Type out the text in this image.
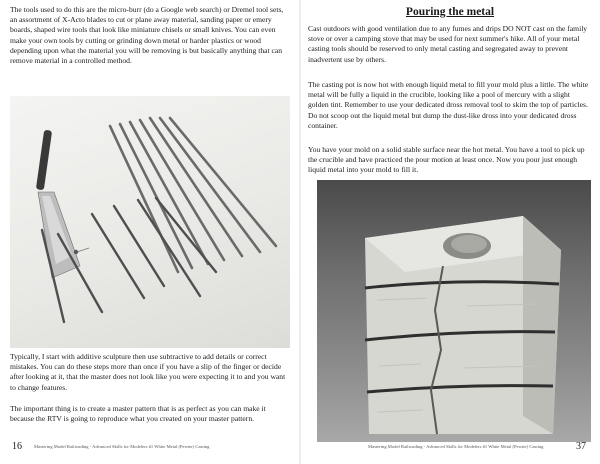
The tools used to do this are the micro-burr (do a Google web search) or Dremel tool sets, an assortment of X-Acto blades to cut or plane away material, sanding paper or emery boards, shaped wire tools that look like miniature chisels or small knives. You can even make your own tools by cutting or grinding down metal or harder plastics or wood depending upon what the material you will be removing is but basically anything that can remove material in a controlled method.

Typically, I start with additive sculpture then use subtractive to add details or correct mistakes. You can do these steps more than once if you have a slip of the finger or decide after looking at it, that the master does not look like you were expecting it to and you want to change features.

The important thing is to create a master pattern that is as perfect as you can make it because the RTV is going to reproduce what you created on your master pattern.

16	Mastering Model Railroading - Advanced Skills for Modelers #1 White Metal (Pewter) Casting
Pouring the metal

Cast outdoors with good ventilation due to any fumes and drips DO NOT cast on the family stove or over a camping stove that may be used for next summer's hike. All of your metal casting tools should be reserved to only metal casting and segregated away to prevent inadvertent use by others.

The casting pot is now hot with enough liquid metal to fill your mold plus a little. The white metal will be fully a liquid in the crucible, looking like a pool of mercury with a slight golden tint. Remember to use your dedicated dross removal tool to skim the top of particles. Do not scoop out the liquid metal but dump the dust-like dross into your dedicated dross container.

You have your mold on a solid stable surface near the hot metal. You have a tool to pick up the crucible and have practiced the pour motion at least once. Now you pour just enough liquid metal into your mold to fill it.

Mastering Model Railroading - Advanced Skills for Modelers #1 White Metal (Pewter) Casting	37
